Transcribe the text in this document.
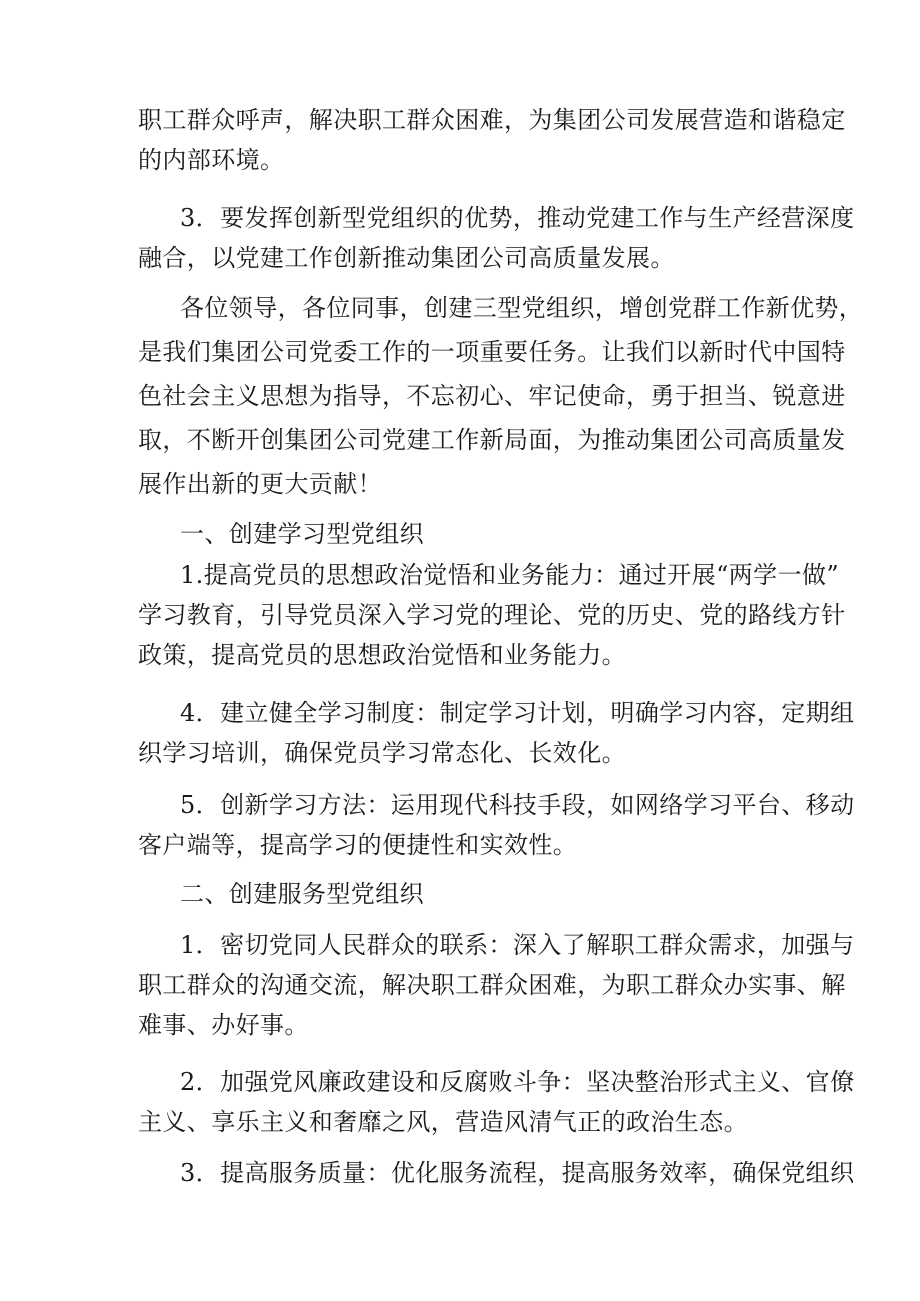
职工群众呼声，解决职工群众困难，为集团公司发展营造和谐稳定
的内部环境。
3．要发挥创新型党组织的优势，推动党建工作与生产经营深度
融合，以党建工作创新推动集团公司高质量发展。
各位领导，各位同事，创建三型党组织，增创党群工作新优势，
是我们集团公司党委工作的一项重要任务。让我们以新时代中国特
色社会主义思想为指导，不忘初心、牢记使命，勇于担当、锐意进
取，不断开创集团公司党建工作新局面，为推动集团公司高质量发
展作出新的更大贡献！
一、创建学习型党组织
1.提高党员的思想政治觉悟和业务能力：通过开展“两学一做”
学习教育，引导党员深入学习党的理论、党的历史、党的路线方针
政策，提高党员的思想政治觉悟和业务能力。
4．建立健全学习制度：制定学习计划，明确学习内容，定期组
织学习培训，确保党员学习常态化、长效化。
5．创新学习方法：运用现代科技手段，如网络学习平台、移动
客户端等，提高学习的便捷性和实效性。
二、创建服务型党组织
1．密切党同人民群众的联系：深入了解职工群众需求，加强与
职工群众的沟通交流，解决职工群众困难，为职工群众办实事、解
难事、办好事。
2．加强党风廉政建设和反腐败斗争：坚决整治形式主义、官僚
主义、享乐主义和奢靡之风，营造风清气正的政治生态。
3．提高服务质量：优化服务流程，提高服务效率，确保党组织
